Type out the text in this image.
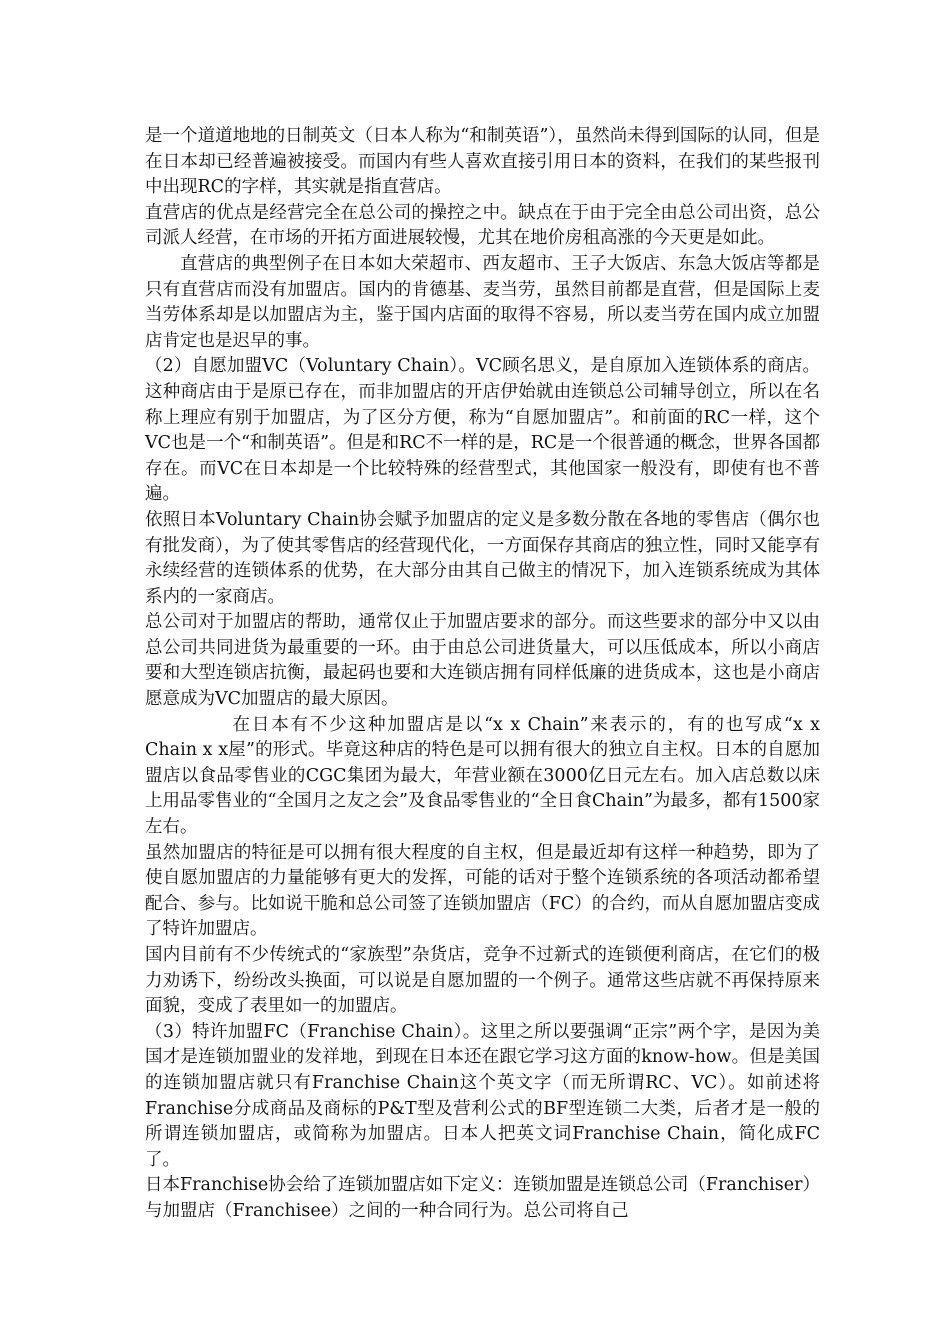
是一个道道地地的日制英文（日本人称为“和制英语”），虽然尚未得到国际的认同，但是在日本却已经普遍被接受。而国内有些人喜欢直接引用日本的资料，在我们的某些报刊中出现RC的字样，其实就是指直营店。

直营店的优点是经营完全在总公司的操控之中。缺点在于由于完全由总公司出资，总公司派人经营，在市场的开拓方面进展较慢，尤其在地价房租高涨的今天更是如此。

直营店的典型例子在日本如大荣超市、西友超市、王子大饭店、东急大饭店等都是只有直营店而没有加盟店。国内的肯德基、麦当劳，虽然目前都是直营，但是国际上麦当劳体系却是以加盟店为主，鉴于国内店面的取得不容易，所以麦当劳在国内成立加盟店肯定也是迟早的事。

（2）自愿加盟VC（Voluntary Chain）。VC顾名思义，是自原加入连锁体系的商店。这种商店由于是原已存在，而非加盟店的开店伊始就由连锁总公司辅导创立，所以在名称上理应有别于加盟店，为了区分方便，称为“自愿加盟店”。和前面的RC一样，这个VC也是一个“和制英语”。但是和RC不一样的是，RC是一个很普通的概念，世界各国都存在。而VC在日本却是一个比较特殊的经营型式，其他国家一般没有，即使有也不普遍。

依照日本Voluntary Chain协会赋予加盟店的定义是多数分散在各地的零售店（偶尔也有批发商），为了使其零售店的经营现代化，一方面保存其商店的独立性，同时又能享有永续经营的连锁体系的优势，在大部分由其自己做主的情况下，加入连锁系统成为其体系内的一家商店。

总公司对于加盟店的帮助，通常仅止于加盟店要求的部分。而这些要求的部分中又以由总公司共同进货为最重要的一环。由于由总公司进货量大，可以压低成本，所以小商店要和大型连锁店抗衡，最起码也要和大连锁店拥有同样低廉的进货成本，这也是小商店愿意成为VC加盟店的最大原因。

在日本有不少这种加盟店是以“x x Chain”来表示的，有的也写成“x x Chain x x屋”的形式。毕竟这种店的特色是可以拥有很大的独立自主权。日本的自愿加盟店以食品零售业的CGC集团为最大，年营业额在3000亿日元左右。加入店总数以床上用品零售业的“全国月之友之会”及食品零售业的“全日食Chain”为最多，都有1500家左右。

虽然加盟店的特征是可以拥有很大程度的自主权，但是最近却有这样一种趋势，即为了使自愿加盟店的力量能够有更大的发挥，可能的话对于整个连锁系统的各项活动都希望配合、参与。比如说干脆和总公司签了连锁加盟店（FC）的合约，而从自愿加盟店变成了特许加盟店。

国内目前有不少传统式的“家族型”杂货店，竞争不过新式的连锁便利商店，在它们的极力劝诱下，纷纷改头换面，可以说是自愿加盟的一个例子。通常这些店就不再保持原来面貌，变成了表里如一的加盟店。

（3）特许加盟FC（Franchise Chain）。这里之所以要强调“正宗”两个字，是因为美国才是连锁加盟业的发祥地，到现在日本还在跟它学习这方面的know-how。但是美国的连锁加盟店就只有Franchise Chain这个英文字（而无所谓RC、VC）。如前述将Franchise分成商品及商标的P&T型及营利公式的BF型连锁二大类，后者才是一般的所谓连锁加盟店，或简称为加盟店。日本人把英文词Franchise Chain，简化成FC了。

日本Franchise协会给了连锁加盟店如下定义：连锁加盟是连锁总公司（Franchiser）与加盟店（Franchisee）之间的一种合同行为。总公司将自己
